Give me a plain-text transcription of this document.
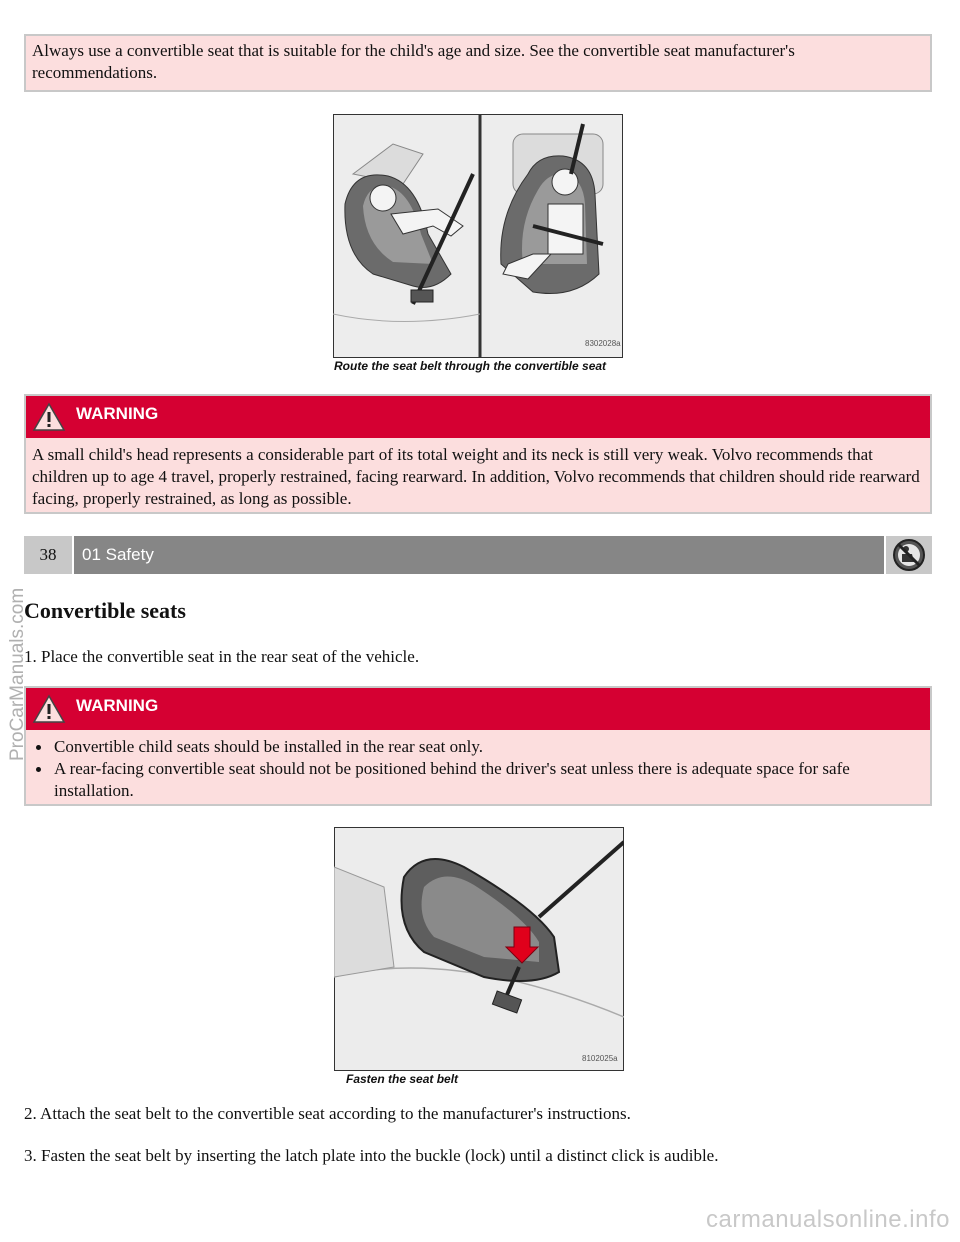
Always use a convertible seat that is suitable for the child's age and size. See the convertible seat manufacturer's recommendations.
8302028a
Route the seat belt through the convertible seat
WARNING
A small child's head represents a considerable part of its total weight and its neck is still very weak. Volvo recommends that children up to age 4 travel, properly restrained, facing rearward. In addition, Volvo recommends that children should ride rearward facing, properly restrained, as long as possible.
38	01 Safety
Convertible seats
1. Place the convertible seat in the rear seat of the vehicle.
WARNING
Convertible child seats should be installed in the rear seat only.
A rear-facing convertible seat should not be positioned behind the driver's seat unless there is adequate space for safe installation.
8102025a
Fasten the seat belt
2. Attach the seat belt to the convertible seat according to the manufacturer's instructions.
3. Fasten the seat belt by inserting the latch plate into the buckle (lock) until a distinct click is audible.
ProCarManuals.com
carmanualsonline.info
